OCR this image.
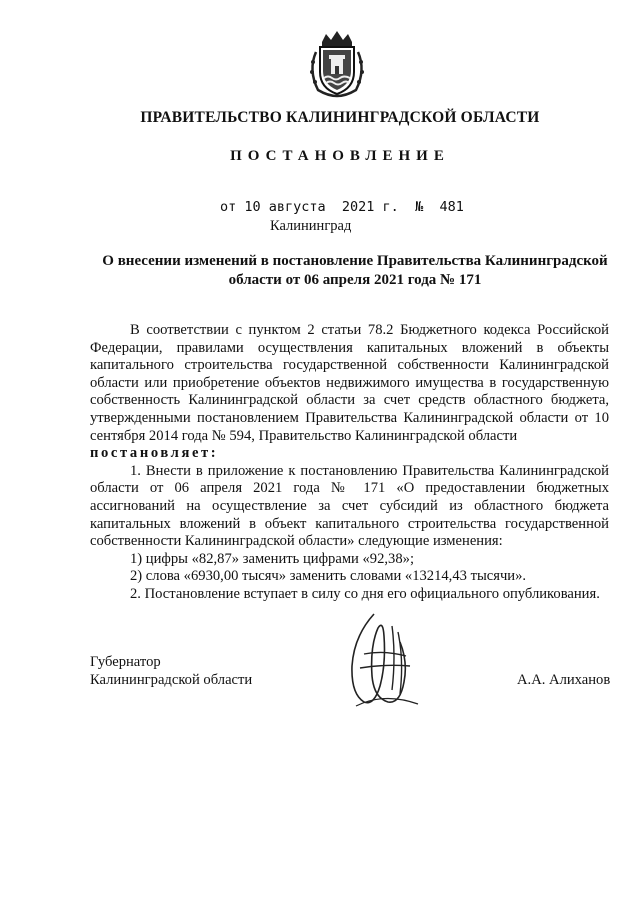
ПРАВИТЕЛЬСТВО КАЛИНИНГРАДСКОЙ ОБЛАСТИ
ПОСТАНОВЛЕНИЕ
от 10 августа  2021 г.  №  481
Калининград
О внесении изменений в постановление Правительства Калининградской
области от 06 апреля 2021 года № 171

В соответствии с пунктом 2 статьи 78.2 Бюджетного кодекса Российской Федерации, правилами осуществления капитальных вложений в объекты капитального строительства государственной собственности Калининградской области или приобретение объектов недвижимого имущества в государственную собственность Калининградской области за счет средств областного бюджета, утвержденными постановлением Правительства Калининградской области от 10 сентября 2014 года № 594, Правительство Калининградской области

постановляет:

1. Внести в приложение к постановлению Правительства Калининградской области от 06 апреля 2021 года № 171 «О предоставлении бюджетных ассигнований на осуществление за счет субсидий из областного бюджета капитальных вложений в объект капитального строительства государственной собственности Калининградской области» следующие изменения:

1) цифры «82,87» заменить цифрами «92,38»;

2) слова «6930,00 тысяч» заменить словами «13214,43 тысячи».

2. Постановление вступает в силу со дня его официального опубликования.

Губернатор
Калининградской области	А.А. Алиханов
